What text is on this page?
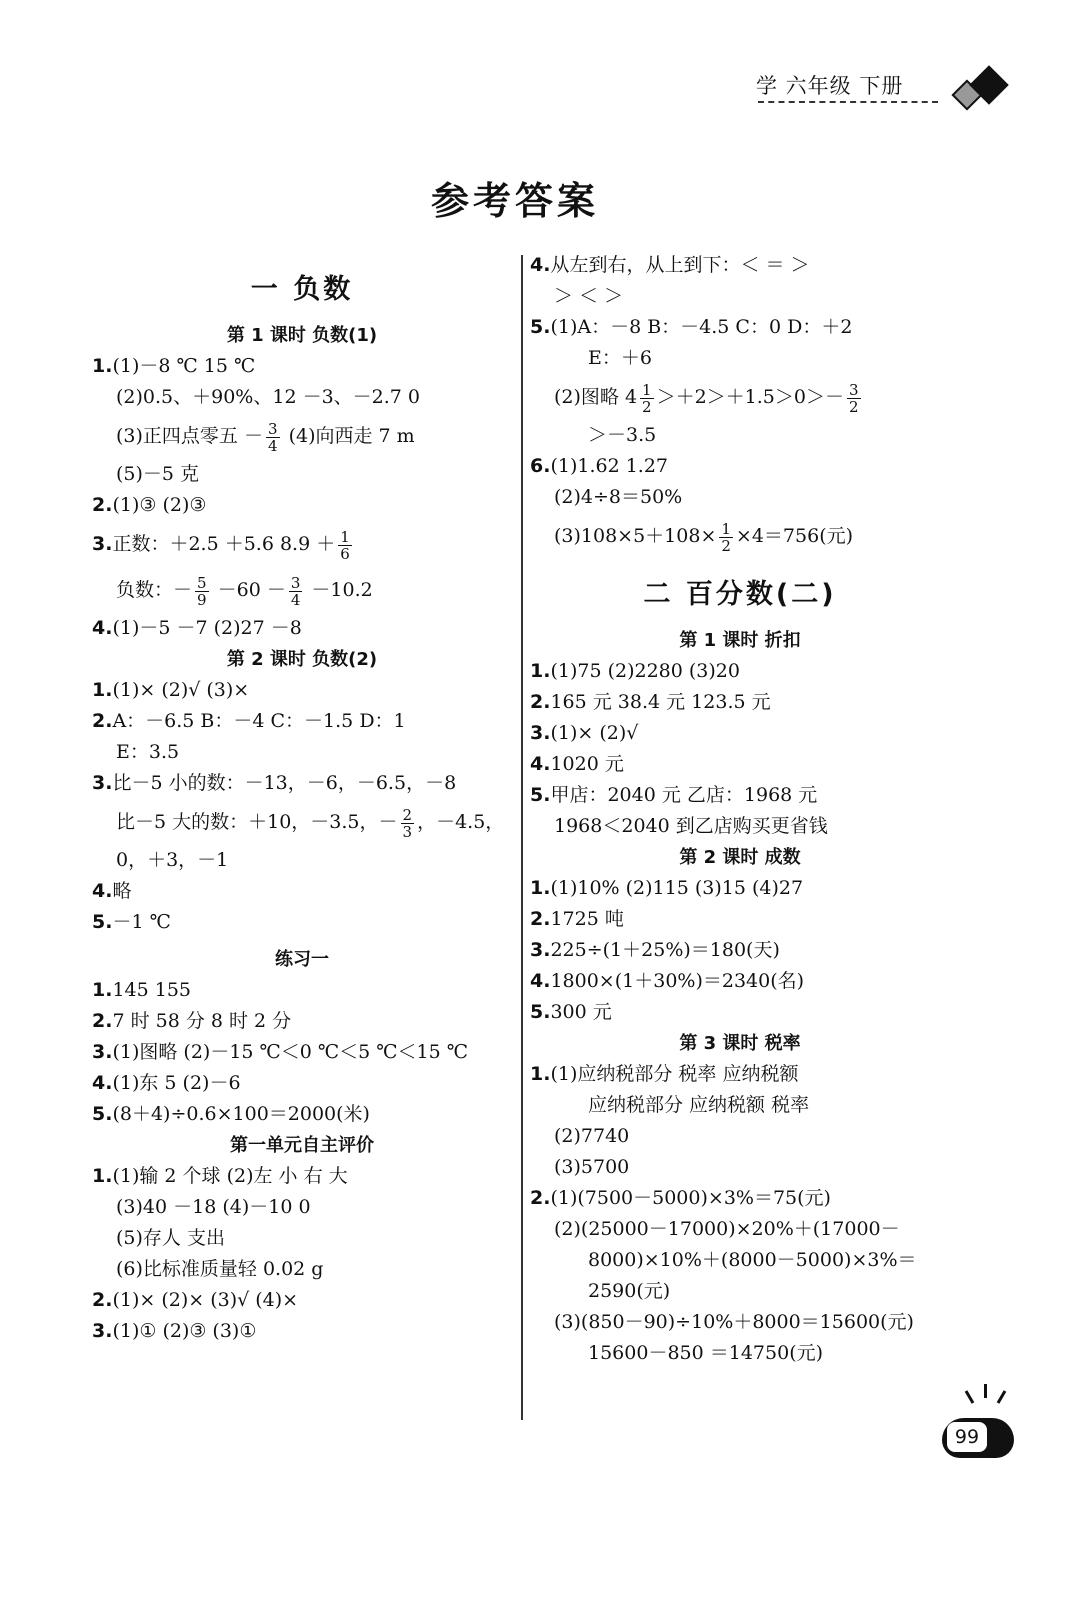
学 六年级 下册
参考答案
一 负数
第 1 课时 负数(1)
1.(1)－8 ℃ 15 ℃
(2)0.5、＋90%、12 －3、－2.7 0
(3)正四点零五 － $\frac{3}{4} (4)$向西走 7 m
(5)－5 克
2.(1)③ (2)③
3.正数：＋2.5 ＋5.6 $8.9 + \frac{1}{6}$
负数：－ $\frac{5}{9} -60 - \frac{3}{4} -10.2$
4.(1)－5 －7 (2)27 －8
第 2 课时 负数(2)
1.(1)× (2)√ (3)×
2.A：－6.5 B：－4 C：－1.5 D：1
E：3.5
3.比－5 小的数：－13，－6，－6.5，－8
比－5 大的数：＋10，－3.5，－ $\frac{2}{3}$ ，－4.5，
0，＋3，－1
4.略
5.－1 ℃
练习一
1.145 155
2.7 时 58 分 8 时 2 分
3.(1)图略 (2)－15 ℃＜0 ℃＜5 ℃＜15 ℃
4.(1)东 5 (2)－6
5.(8＋4)÷0.6×100＝2000(米)
第一单元自主评价
1.(1)输 2 个球 (2)左 小 右 大
(3)40 －18 (4)－10 0
(5)存人 支出
(6)比标准质量轻 0.02 g
2.(1)× (2)× (3)√ (4)×
3.(1)① (2)③ (3)①
4.从左到右，从上到下：＜ ＝ ＞
＞ ＜ ＞
5.(1)A：－8 B：－4.5 C：0 D：＋2
E：＋6
(2)图略 $4 \frac{1}{2} >+2>+1.5>0>- \frac{3}{2}$
＞－3.5
6.(1)1.62 1.27
(2)4÷8＝50%
$(3)108\times 5+108\times \frac{1}{2} \times 4=756$(元)
二 百分数(二)
第 1 课时 折扣
1.(1)75 (2)2280 (3)20
2.165 元 38.4 元 123.5 元
3.(1)× (2)√
4.1020 元
5.甲店：2040 元 乙店：1968 元
1968＜2040 到乙店购买更省钱
第 2 课时 成数
1.(1)10% (2)115 (3)15 (4)27
2.1725 吨
3.225÷(1＋25%)＝180(天)
4.1800×(1＋30%)＝2340(名)
5.300 元
第 3 课时 税率
1.(1)应纳税部分 税率 应纳税额
应纳税部分 应纳税额 税率
(2)7740
(3)5700
2.(1)(7500－5000)×3%＝75(元)
(2)(25000－17000)×20%＋(17000－
8000)×10%＋(8000－5000)×3%＝
2590(元)
(3)(850－90)÷10%＋8000＝15600(元)
15600－850 ＝14750(元)
99
